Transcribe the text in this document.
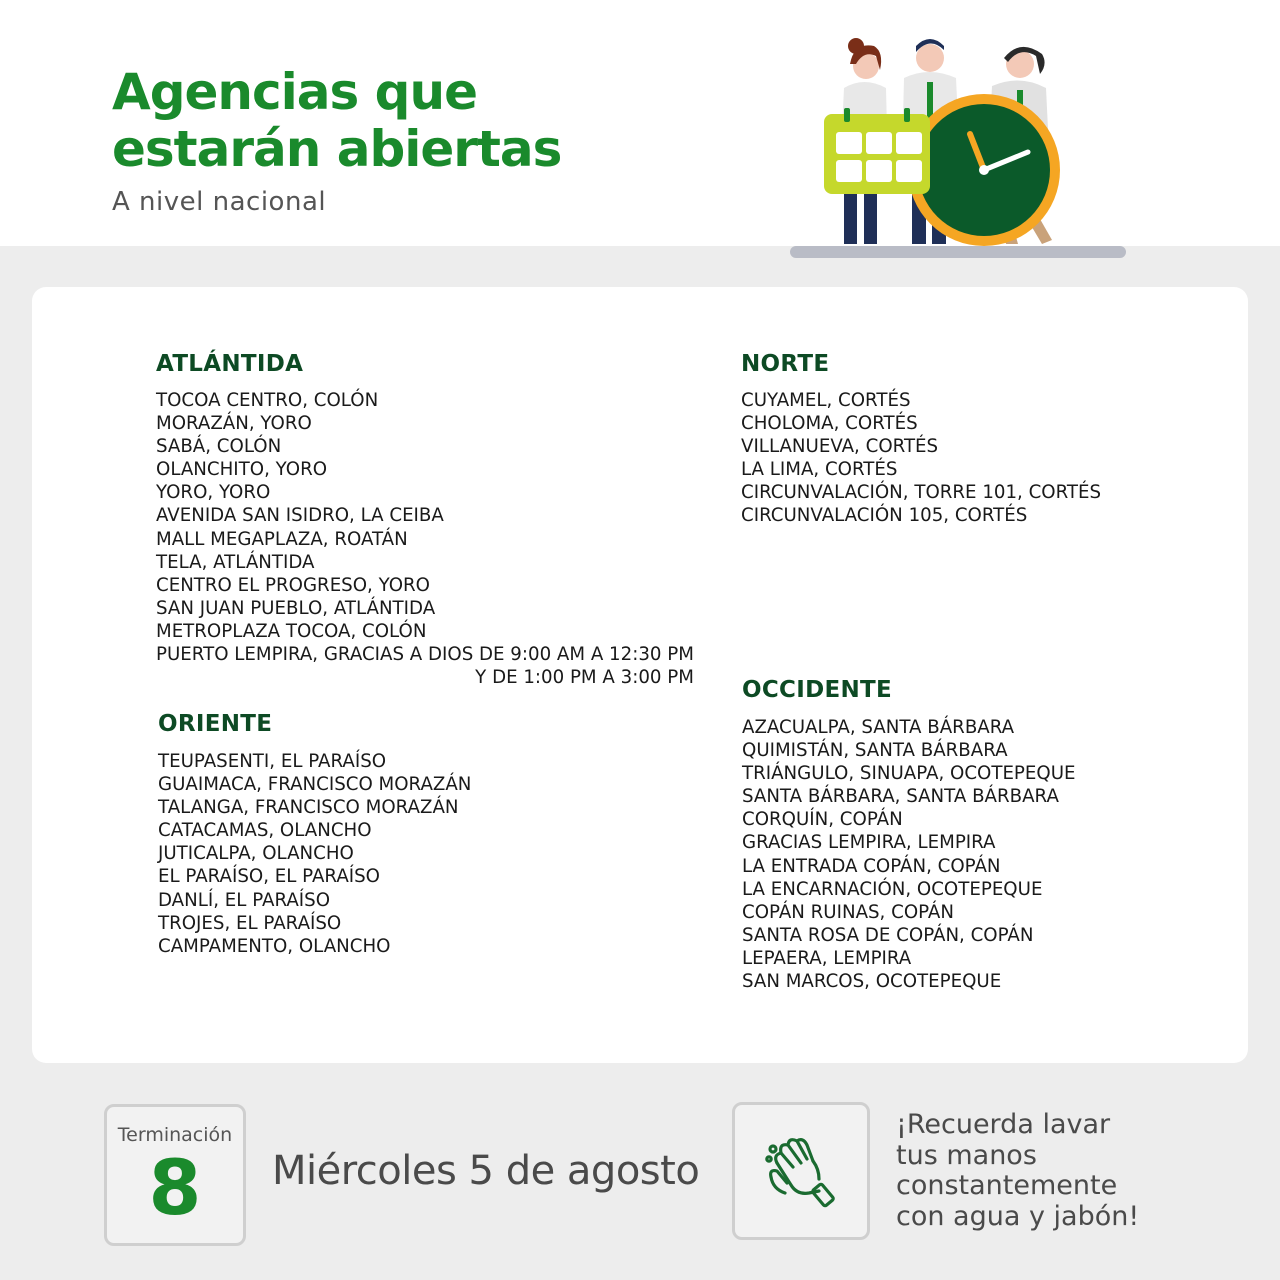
Agencias que
estarán abiertas
A nivel nacional
ATLÁNTIDA
TOCOA CENTRO, COLÓN
MORAZÁN, YORO
SABÁ, COLÓN
OLANCHITO, YORO
YORO, YORO
AVENIDA SAN ISIDRO, LA CEIBA
MALL MEGAPLAZA, ROATÁN
TELA, ATLÁNTIDA
CENTRO EL PROGRESO, YORO
SAN JUAN PUEBLO, ATLÁNTIDA
METROPLAZA TOCOA, COLÓN
PUERTO LEMPIRA, GRACIAS A DIOS DE 9:00 AM A 12:30 PM
Y DE 1:00 PM A 3:00 PM
ORIENTE
TEUPASENTI, EL PARAÍSO
GUAIMACA, FRANCISCO MORAZÁN
TALANGA, FRANCISCO MORAZÁN
CATACAMAS, OLANCHO
JUTICALPA, OLANCHO
EL PARAÍSO, EL PARAÍSO
DANLÍ, EL PARAÍSO
TROJES, EL PARAÍSO
CAMPAMENTO, OLANCHO
NORTE
CUYAMEL, CORTÉS
CHOLOMA, CORTÉS
VILLANUEVA, CORTÉS
LA LIMA, CORTÉS
CIRCUNVALACIÓN, TORRE 101, CORTÉS
CIRCUNVALACIÓN 105, CORTÉS
OCCIDENTE
AZACUALPA, SANTA BÁRBARA
QUIMISTÁN, SANTA BÁRBARA
TRIÁNGULO, SINUAPA, OCOTEPEQUE
SANTA BÁRBARA, SANTA BÁRBARA
CORQUÍN, COPÁN
GRACIAS LEMPIRA, LEMPIRA
LA ENTRADA COPÁN, COPÁN
LA ENCARNACIÓN, OCOTEPEQUE
COPÁN RUINAS, COPÁN
SANTA ROSA DE COPÁN, COPÁN
LEPAERA, LEMPIRA
SAN MARCOS, OCOTEPEQUE
Terminación
8	Miércoles 5 de agosto
¡Recuerda lavar
tus manos
constantemente
con agua y jabón!
